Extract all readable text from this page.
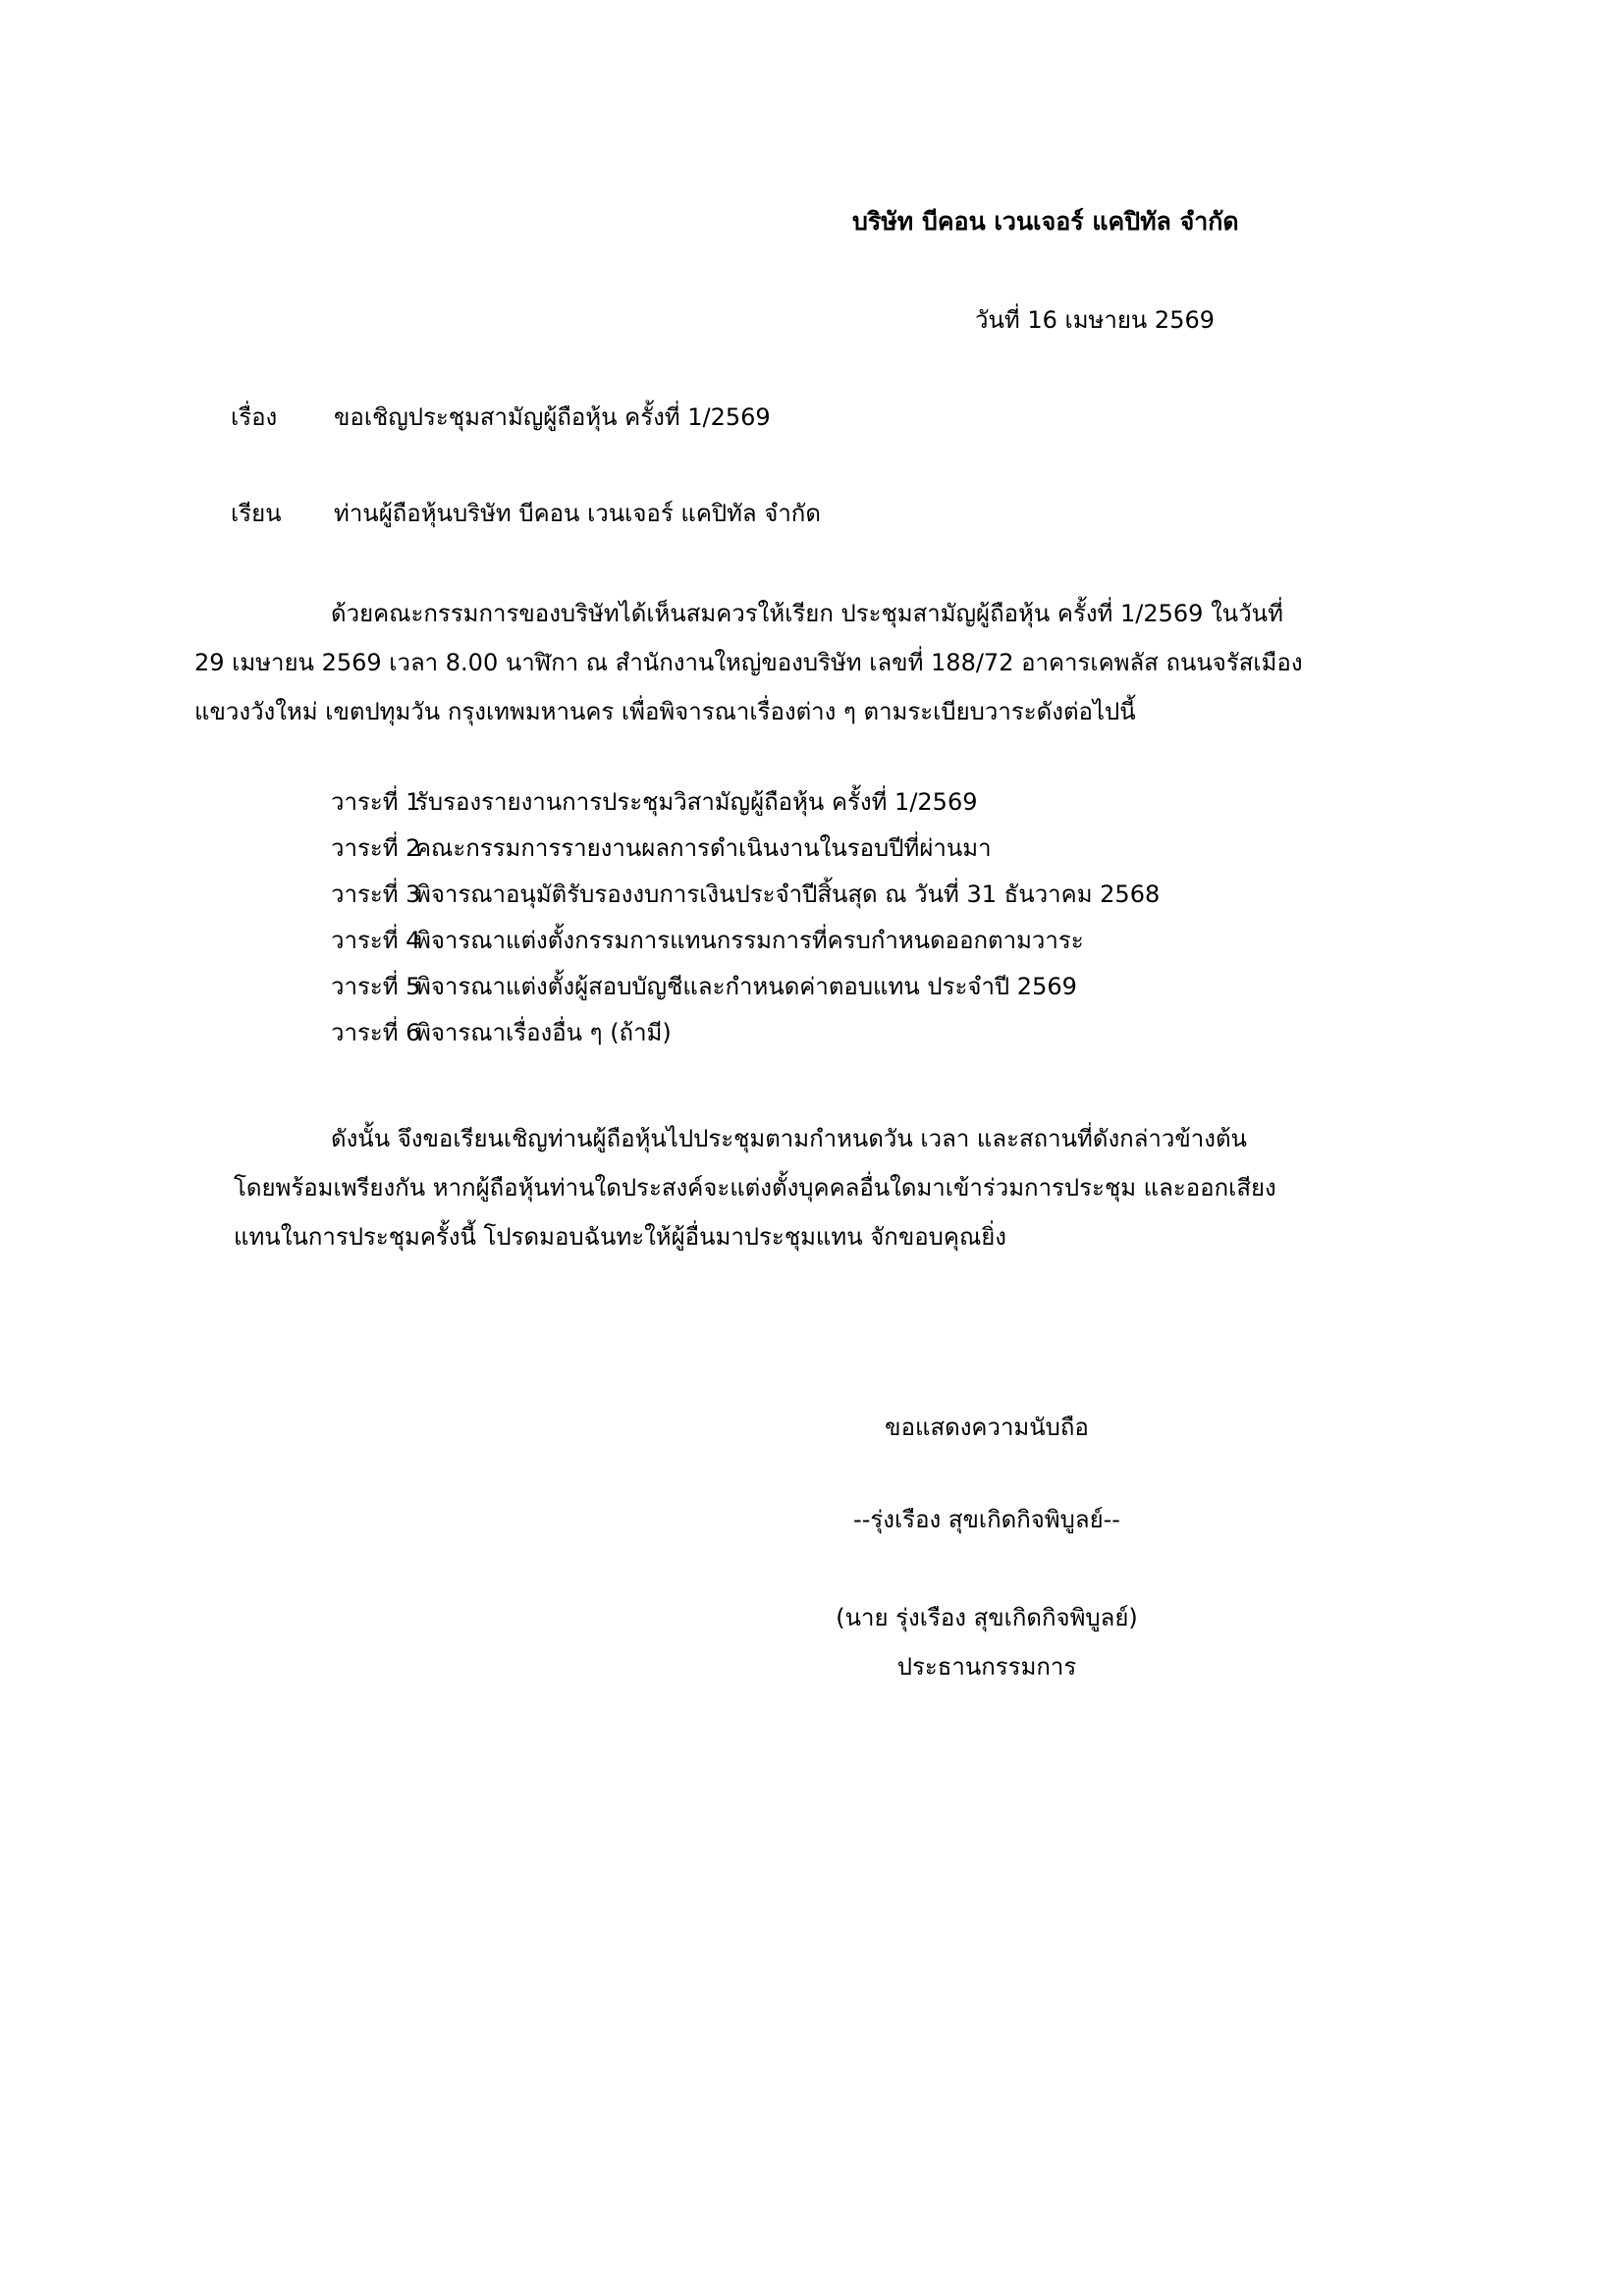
บริษัท บีคอน เวนเจอร์ แคปิทัล จำกัด
วันที่ 16 เมษายน 2569
เรื่อง ขอเชิญประชุมสามัญผู้ถือหุ้น ครั้งที่ 1/2569
เรียน ท่านผู้ถือหุ้นบริษัท บีคอน เวนเจอร์ แคปิทัล จำกัด
ด้วยคณะกรรมการของบริษัทได้เห็นสมควรให้เรียก ประชุมสามัญผู้ถือหุ้น ครั้งที่ 1/2569 ในวันที่
29 เมษายน 2569 เวลา 8.00 นาฬิกา ณ สำนักงานใหญ่ของบริษัท เลขที่ 188/72 อาคารเคพลัส ถนนจรัสเมือง
แขวงวังใหม่ เขตปทุมวัน กรุงเทพมหานคร เพื่อพิจารณาเรื่องต่าง ๆ ตามระเบียบวาระดังต่อไปนี้
วาระที่ 1รับรองรายงานการประชุมวิสามัญผู้ถือหุ้น ครั้งที่ 1/2569
วาระที่ 2คณะกรรมการรายงานผลการดำเนินงานในรอบปีที่ผ่านมา
วาระที่ 3พิจารณาอนุมัติรับรองงบการเงินประจำปีสิ้นสุด ณ วันที่ 31 ธันวาคม 2568
วาระที่ 4พิจารณาแต่งตั้งกรรมการแทนกรรมการที่ครบกำหนดออกตามวาระ
วาระที่ 5พิจารณาแต่งตั้งผู้สอบบัญชีและกำหนดค่าตอบแทน ประจำปี 2569
วาระที่ 6พิจารณาเรื่องอื่น ๆ (ถ้ามี)
ดังนั้น จึงขอเรียนเชิญท่านผู้ถือหุ้นไปประชุมตามกำหนดวัน เวลา และสถานที่ดังกล่าวข้างต้น
โดยพร้อมเพรียงกัน หากผู้ถือหุ้นท่านใดประสงค์จะแต่งตั้งบุคคลอื่นใดมาเข้าร่วมการประชุม และออกเสียง
แทนในการประชุมครั้งนี้ โปรดมอบฉันทะให้ผู้อื่นมาประชุมแทน จักขอบคุณยิ่ง
ขอแสดงความนับถือ
--รุ่งเรือง สุขเกิดกิจพิบูลย์--
(นาย รุ่งเรือง สุขเกิดกิจพิบูลย์)
ประธานกรรมการ
